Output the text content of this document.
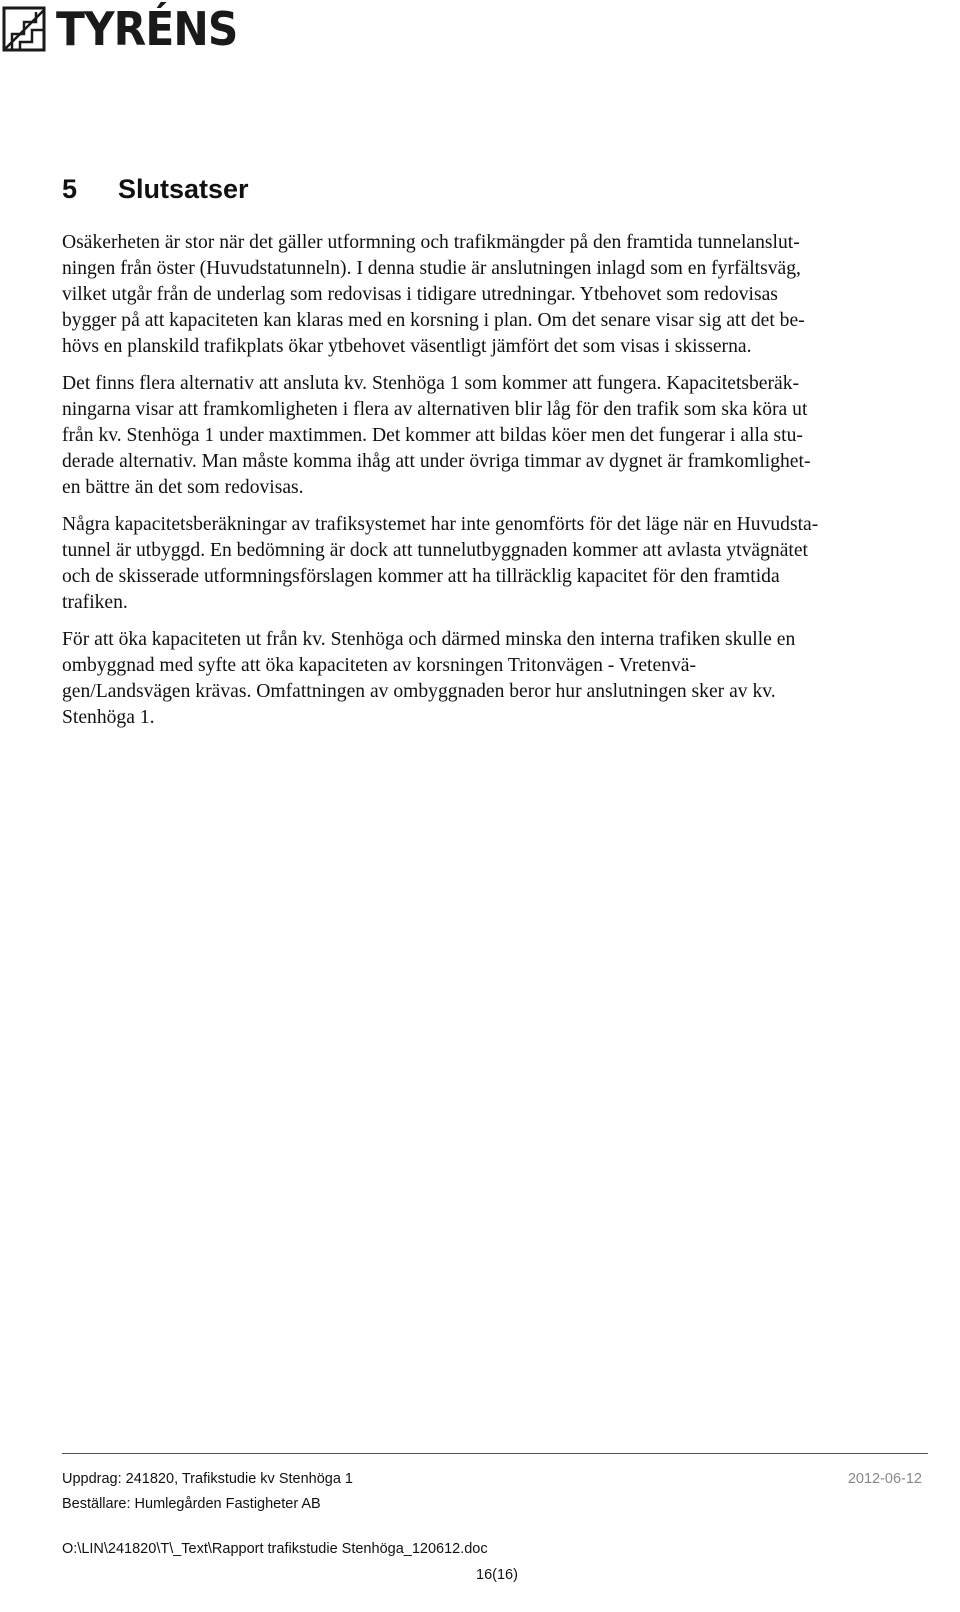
TYRÉNS
5 Slutsatser

Osäkerheten är stor när det gäller utformning och trafikmängder på den framtida tunnelanslut-
ningen från öster (Huvudstatunneln). I denna studie är anslutningen inlagd som en fyrfältsväg,
vilket utgår från de underlag som redovisas i tidigare utredningar. Ytbehovet som redovisas
bygger på att kapaciteten kan klaras med en korsning i plan. Om det senare visar sig att det be-
hövs en planskild trafikplats ökar ytbehovet väsentligt jämfört det som visas i skisserna.

Det finns flera alternativ att ansluta kv. Stenhöga 1 som kommer att fungera. Kapacitetsberäk-
ningarna visar att framkomligheten i flera av alternativen blir låg för den trafik som ska köra ut
från kv. Stenhöga 1 under maxtimmen. Det kommer att bildas köer men det fungerar i alla stu-
derade alternativ. Man måste komma ihåg att under övriga timmar av dygnet är framkomlighet-
en bättre än det som redovisas.

Några kapacitetsberäkningar av trafiksystemet har inte genomförts för det läge när en Huvudsta-
tunnel är utbyggd. En bedömning är dock att tunnelutbyggnaden kommer att avlasta ytvägnätet
och de skisserade utformningsförslagen kommer att ha tillräcklig kapacitet för den framtida
trafiken.

För att öka kapaciteten ut från kv. Stenhöga och därmed minska den interna trafiken skulle en
ombyggnad med syfte att öka kapaciteten av korsningen Tritonvägen - Vretenvä-
gen/Landsvägen krävas. Omfattningen av ombyggnaden beror hur anslutningen sker av kv.
Stenhöga 1.

Uppdrag: 241820, Trafikstudie kv Stenhöga 1	2012-06-12
Beställare: Humlegården Fastigheter AB
O:\LIN\241820\T\_Text\Rapport trafikstudie Stenhöga_120612.doc
16(16)
